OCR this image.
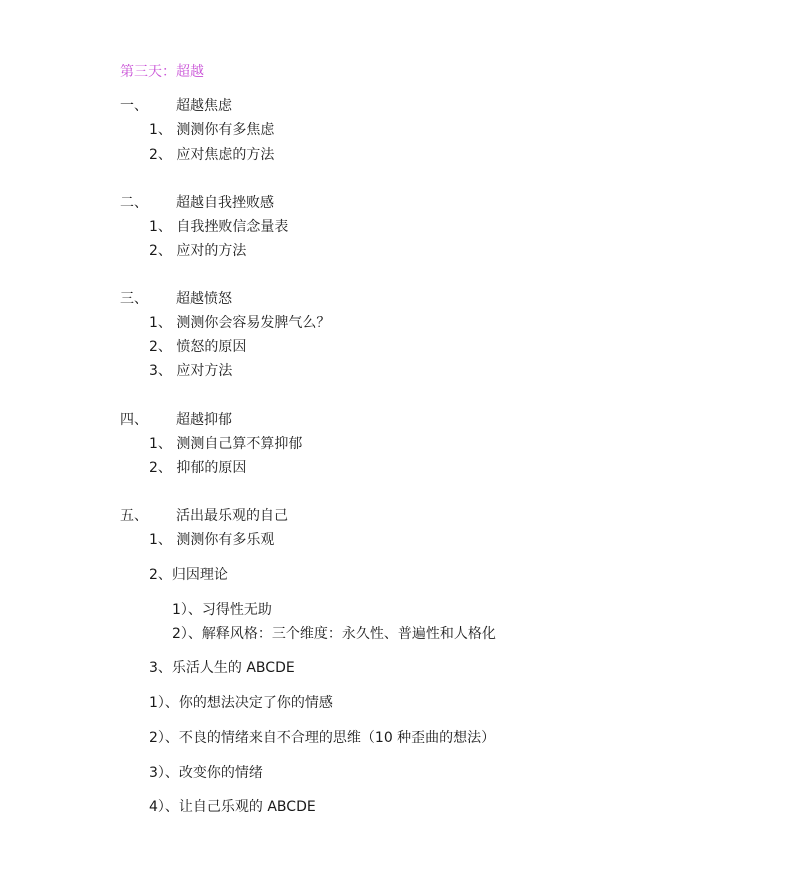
第三天：超越
一、 超越焦虑
1、 测测你有多焦虑
2、 应对焦虑的方法
二、 超越自我挫败感
1、 自我挫败信念量表
2、 应对的方法
三、 超越愤怒
1、 测测你会容易发脾气么？
2、 愤怒的原因
3、 应对方法
四、 超越抑郁
1、 测测自己算不算抑郁
2、 抑郁的原因
五、 活出最乐观的自己
1、 测测你有多乐观
2、归因理论
1）、习得性无助
2）、解释风格：三个维度：永久性、普遍性和人格化
3、乐活人生的 ABCDE
1）、你的想法决定了你的情感
2）、不良的情绪来自不合理的思维（10 种歪曲的想法）
3）、改变你的情绪
4）、让自己乐观的 ABCDE
